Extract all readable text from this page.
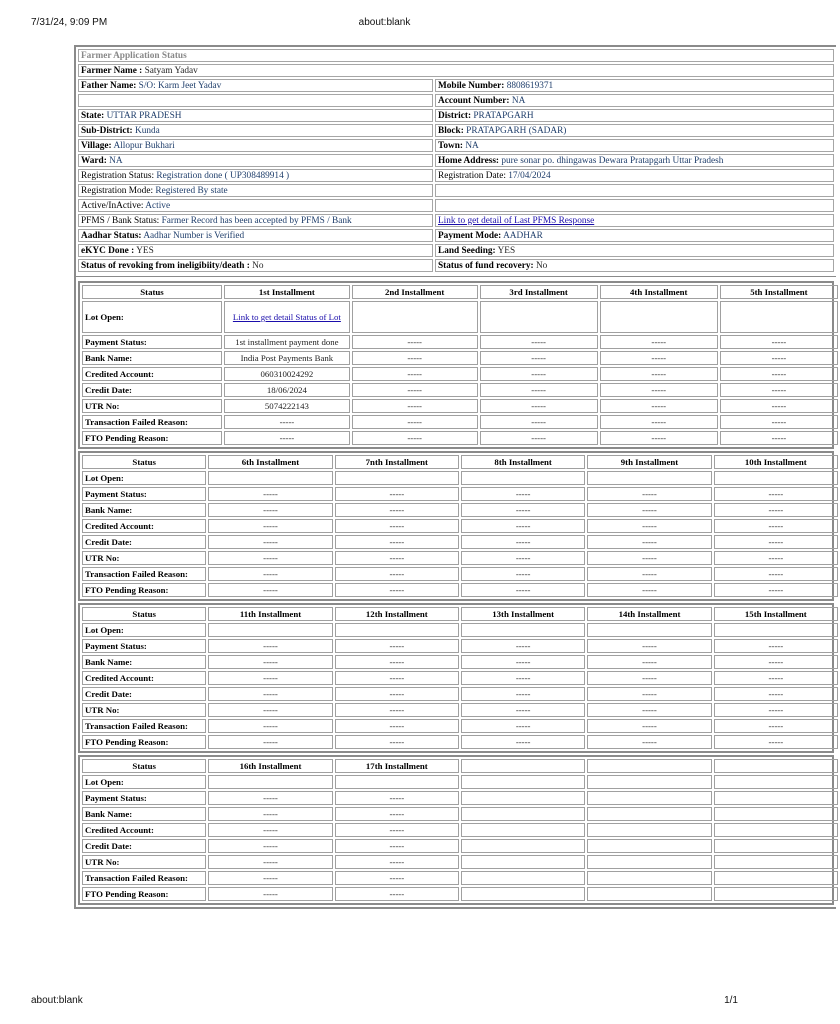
7/31/24, 9:09 PM	about:blank
Farmer Application Status	
Farmer Name : Satyam Yadav	
Father Name: S/O: Karm Jeet Yadav	Mobile Number: 8808619371
	Account Number: NA
State: UTTAR PRADESH	District: PRATAPGARH
Sub-District: Kunda	Block: PRATAPGARH (SADAR)
Village: Allopur Bukhari	Town: NA
Ward: NA	Home Address: pure sonar po. dhingawas Dewara Pratapgarh Uttar Pradesh
Registration Status: Registration done ( UP308489914 )	Registration Date: 17/04/2024
Registration Mode: Registered By state	
Active/InActive: Active	
PFMS / Bank Status: Farmer Record has been accepted by PFMS / Bank	Link to get detail of Last PFMS Response
Aadhar Status: Aadhar Number is Verified	Payment Mode: AADHAR
eKYC Done : YES	Land Seeding: YES
Status of revoking from ineligibiity/death : No	Status of fund recovery: No
Status	1st Installment	2nd Installment	3rd Installment	4th Installment	5th Installment
Lot Open:	Link to get detail Status of Lot				
Payment Status:	1st installment payment done	-----	-----	-----	-----
Bank Name:	India Post Payments Bank	-----	-----	-----	-----
Credited Account:	060310024292	-----	-----	-----	-----
Credit Date:	18/06/2024	-----	-----	-----	-----
UTR No:	5074222143	-----	-----	-----	-----
Transaction Failed Reason:	-----	-----	-----	-----	-----
FTO Pending Reason:	-----	-----	-----	-----	-----
Status	6th Installment	7nth Installment	8th Installment	9th Installment	10th Installment
Lot Open:					
Payment Status:	-----	-----	-----	-----	-----
Bank Name:	-----	-----	-----	-----	-----
Credited Account:	-----	-----	-----	-----	-----
Credit Date:	-----	-----	-----	-----	-----
UTR No:	-----	-----	-----	-----	-----
Transaction Failed Reason:	-----	-----	-----	-----	-----
FTO Pending Reason:	-----	-----	-----	-----	-----
Status	11th Installment	12th Installment	13th Installment	14th Installment	15th Installment
Lot Open:					
Payment Status:	-----	-----	-----	-----	-----
Bank Name:	-----	-----	-----	-----	-----
Credited Account:	-----	-----	-----	-----	-----
Credit Date:	-----	-----	-----	-----	-----
UTR No:	-----	-----	-----	-----	-----
Transaction Failed Reason:	-----	-----	-----	-----	-----
FTO Pending Reason:	-----	-----	-----	-----	-----
Status	16th Installment	17th Installment			
Lot Open:					
Payment Status:	-----	-----			
Bank Name:	-----	-----			
Credited Account:	-----	-----			
Credit Date:	-----	-----			
UTR No:	-----	-----			
Transaction Failed Reason:	-----	-----			
FTO Pending Reason:	-----	-----			
about:blank	1/1
